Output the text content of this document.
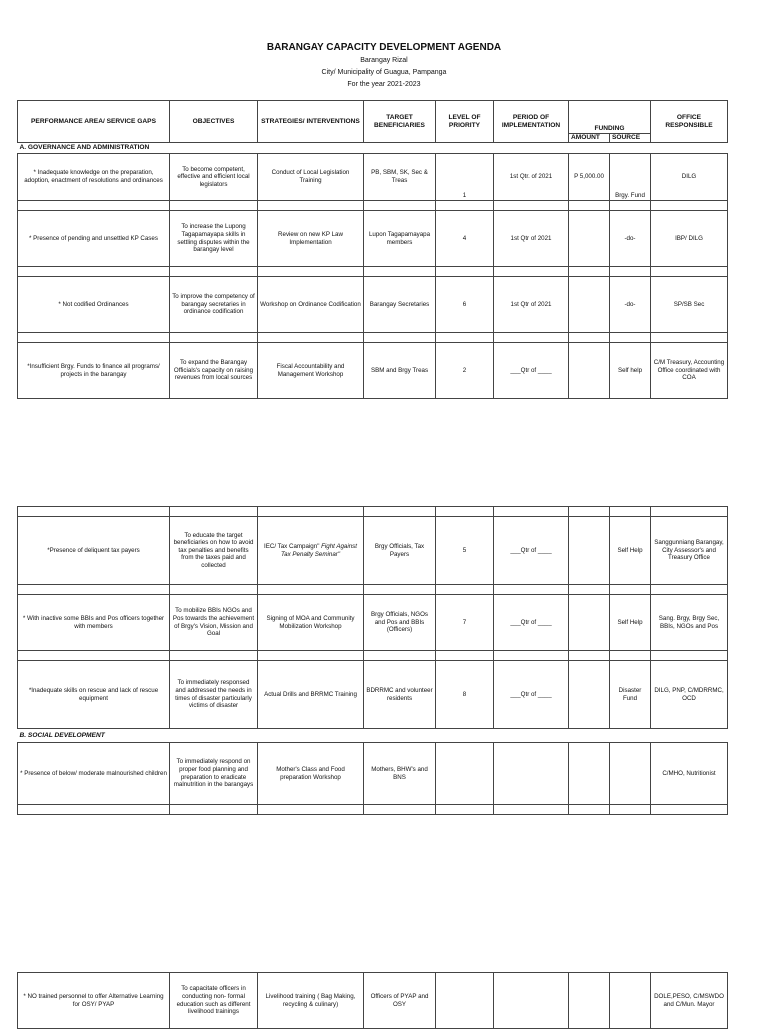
BARANGAY CAPACITY DEVELOPMENT AGENDA
Barangay Rizal
City/ Municipality of Guagua, Pampanga
For the year 2021-2023
PERFORMANCE AREA/ SERVICE GAPS	OBJECTIVES	STRATEGIES/ INTERVENTIONS	TARGET BENEFICIARIES	LEVEL OF PRIORITY	PERIOD OF IMPLEMENTATION	FUNDING		OFFICE RESPONSIBLE
						AMOUNT	SOURCE	
A. GOVERNANCE AND ADMINISTRATION								
* Inadequate knowledge on the preparation, adoption, enactment of resolutions and ordinances	To become competent, effective and efficient local legislators	Conduct of Local Legislation Training	PB, SBM, SK, Sec & Treas	1	1st Qtr. of 2021	P 5,000.00	Brgy. Fund	DILG

* Presence of pending and unsettled KP Cases	To increase the Lupong Tagapamayapa skills in settling disputes within the barangay level	Review on new KP Law Implementation	Lupon Tagapamayapa members	4	1st Qtr of 2021		-do-	IBP/ DILG

* Not codified Ordinances	To improve the competency of barangay secretaries in ordinance codification	Workshop on Ordinance Codification	Barangay Secretaries	6	1st Qtr of 2021		-do-	SP/SB Sec

*Insufficient Brgy. Funds to finance all programs/ projects in the barangay	To expand the Barangay Officials's capacity on raising revenues from local sources	Fiscal Accountability and Management Workshop	SBM and Brgy Treas	2	___Qtr of ____		Self help	C/M Treasury, Accounting Office coordinated with COA

*Presence of deliquent tax payers	To educate the target beneficiaries on how to avoid tax penalties and benefits from the taxes paid and collected	IEC/ Tax Campaign" Fight Against Tax Penalty Seminar"	Brgy Officials, Tax Payers	5	___Qtr of ____		Self Help	Sanggunniang Barangay, City Assessor's and Treasury Office

* With inactive some BBIs and Pos officers together with members	To mobilize BBIs NGOs and Pos towards the achievement of Brgy's Vision, Mission and Goal	Signing of MOA and Community Mobilization Workshop	Brgy Officials, NGOs and Pos and BBIs (Officers)	7	___Qtr of ____		Self Help	Sang. Brgy, Brgy Sec, BBIs, NGOs and Pos

*Inadequate skills on rescue and lack of rescue equipment	To immediately responsed and addressed the needs in times of disaster particularly victims of disaster	Actual Drills and BRRMC Training	BDRRMC and volunteer residents	8	___Qtr of ____		Disaster Fund	DILG, PNP, C/MDRRMC, OCD
B. SOCIAL DEVELOPMENT								
* Presence of below/ moderate malnourished children	To immediately respond on proper food planning and preparation to eradicate malnutrition in the barangays	Mother's Class and Food preparation Workshop	Mothers, BHW's and BNS					C/MHO, Nutritionist

* NO trained personnel to offer Alternative Learning for OSY/ PYAP	To capacitate officers in conducting non- formal education such as different livelihood trainings	Livelihood training ( Bag Making, recycling & culinary)	Officers of PYAP and OSY					DOLE,PESO, C/MSWDO and C/Mun. Mayor
